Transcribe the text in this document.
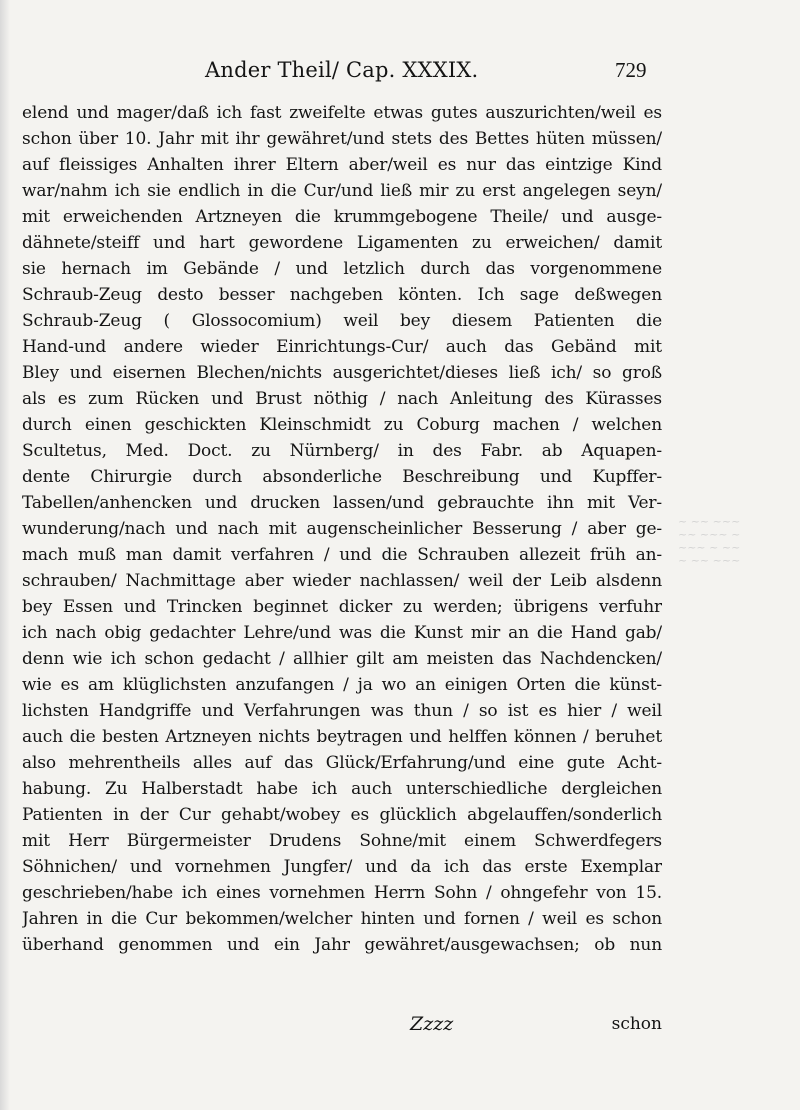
~ ~~ ~~~
~~ ~~~ ~
~~~ ~ ~~
~ ~~ ~~~
Ander Theil/ Cap. XXXIX.	729
elend und mager/daß ich fast zweifelte etwas gutes auszurichten/weil es
schon über 10. Jahr mit ihr gewähret/und stets des Bettes hüten müssen/
auf fleissiges Anhalten ihrer Eltern aber/weil es nur das eintzige Kind
war/nahm ich sie endlich in die Cur/und ließ mir zu erst angelegen seyn/
mit erweichenden Artzneyen die krummgebogene Theile/ und ausge-
dähnete/steiff und hart gewordene Ligamenten zu erweichen/ damit
sie hernach im Gebände / und letzlich durch das vorgenommene
Schraub-Zeug desto besser nachgeben könten. Ich sage deßwegen
Schraub-Zeug ( Glossocomium) weil bey diesem Patienten die
Hand-und andere wieder Einrichtungs-Cur/ auch das Gebänd mit
Bley und eisernen Blechen/nichts ausgerichtet/dieses ließ ich/ so groß
als es zum Rücken und Brust nöthig / nach Anleitung des Kürasses
durch einen geschickten Kleinschmidt zu Coburg machen / welchen
Scultetus, Med. Doct. zu Nürnberg/ in des Fabr. ab Aquapen-
dente Chirurgie durch absonderliche Beschreibung und Kupffer-
Tabellen/anhencken und drucken lassen/und gebrauchte ihn mit Ver-
wunderung/nach und nach mit augenscheinlicher Besserung / aber ge-
mach muß man damit verfahren / und die Schrauben allezeit früh an-
schrauben/ Nachmittage aber wieder nachlassen/ weil der Leib alsdenn
bey Essen und Trincken beginnet dicker zu werden; übrigens verfuhr
ich nach obig gedachter Lehre/und was die Kunst mir an die Hand gab/
denn wie ich schon gedacht / allhier gilt am meisten das Nachdencken/
wie es am klüglichsten anzufangen / ja wo an einigen Orten die künst-
lichsten Handgriffe und Verfahrungen was thun / so ist es hier / weil
auch die besten Artzneyen nichts beytragen und helffen können / beruhet
also mehrentheils alles auf das Glück/Erfahrung/und eine gute Acht-
habung. Zu Halberstadt habe ich auch unterschiedliche dergleichen
Patienten in der Cur gehabt/wobey es glücklich abgelauffen/sonderlich
mit Herr Bürgermeister Drudens Sohne/mit einem Schwerdfegers
Söhnichen/ und vornehmen Jungfer/ und da ich das erste Exemplar
geschrieben/habe ich eines vornehmen Herrn Sohn / ohngefehr von 15.
Jahren in die Cur bekommen/welcher hinten und fornen / weil es schon
überhand genommen und ein Jahr gewähret/ausgewachsen; ob nun
Zzzz	schon
